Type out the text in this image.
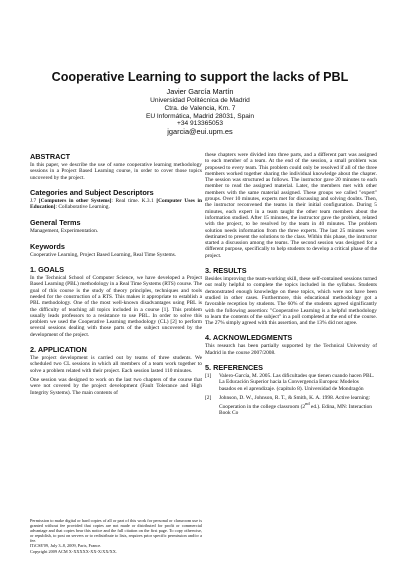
Cooperative Learning to support the lacks of PBL
Javier García Martín
Universidad Politécnica de Madrid
Ctra. de Valencia, Km. 7
EU Informática, Madrid 28031, Spain
+34 913365053
jgarcia@eui.upm.es
ABSTRACT

In this paper, we describe the use of some cooperative learning methodology sessions in a Project Based Learning course, in order to cover those topics uncovered by the project.

Categories and Subject Descriptors
J.7 [Computers in other Systems]: Real time. K.3.1 [Computer Uses in Education]: Collaborative Learning.
General Terms

Management, Experimentation.

Keywords

Cooperative Learning, Project Based Learning, Real Time Systems.

1. GOALS

In the Technical School of Computer Science, we have developed a Project Based Learning (PBL) methodology in a Real Time Systems (RTS) course. The goal of this course is the study of theory principles, techniques and tools needed for the construction of a RTS. This makes it appropriate to establish a PBL methodology. One of the most well-known disadvantages using PBL is the difficulty of teaching all topics included in a course [1]. This problem usually leads professors to a resistance to use PBL. In order to solve this problem we used the Cooperative Learning methodology (CL) [2] to perform several sessions dealing with those parts of the subject uncovered by the development of the project.

2. APPLICATION

The project development is carried out by teams of three students. We scheduled two CL sessions in which all members of a team work together to solve a problem related with their project. Each session lasted 110 minutes.

One session was designed to work on the last two chapters of the course that were not covered by the project development (Fault Tolerance and High Integrity Systems). The main contents of

Permission to make digital or hard copies of all or part of this work for personal or classroom use is granted without fee provided that copies are not made or distributed for profit or commercial advantage and that copies bear this notice and the full citation on the first page. To copy otherwise, or republish, to post on servers or to redistribute to lists, requires prior specific permission and/or a fee.

ITiCSE'09, July 3–8, 2009, Paris, France.

Copyright 2009 ACM X-XXXXX-XX-X/XX/XX.

these chapters were divided into three parts, and a different part was assigned to each member of a team. At the end of the session, a small problem was proposed to every team. This problem could only be resolved if all of the three members worked together sharing the individual knowledge about the chapter. The session was structured as follows. The instructor gave 20 minutes to each member to read the assigned material. Later, the members met with other members with the same material assigned. These groups we called "expert" groups. Over 10 minutes, experts met for discussing and solving doubts. Then, the instructor reconvened the teams in their initial configuration. During 5 minutes, each expert in a team taught the other team members about the information studied. After 15 minutes, the instructor gave the problem, related with the project, to be resolved by the team in 40 minutes. The problem solution needs information from the three experts. The last 25 minutes were destinated to present the solutions to the class. Within this phase, the instructor started a discussion among the teams. The second session was designed for a different purpose, specifically to help students to develop a critical phase of the project.

3. RESULTS

Besides improving the team-working skill, these self-contained sessions turned out really helpful to complete the topics included in the syllabus. Students demonstrated enough knowledge on these topics, which were not have been studied in other cases. Furthermore, this educational methodology got a favorable reception by students. The 60% of the students agreed significantly with the following assertion: "Cooperative Learning is a helpful methodology to learn the contents of the subject" in a poll completed at the end of the course. The 27% simply agreed with this assertion, and the 13% did not agree.

4. ACKNOWLEDGMENTS

This research has been partially supported by the Technical University of Madrid in the course 2007/2008.

5. REFERENCES
[1]	Valero-García, M. 2005. Las dificultades que tienen cuando hacen PBL. La Educación Superior hacia la Convergencia Europea: Modelos basados en el aprendizaje. (capítulo 8). Universidad de Mondragón
[2]	Johnson, D. W., Johnson, R. T., & Smith, K. A. 1998. Active learning: Cooperation in the college classroom (2nd ed.). Edina, MN: Interaction Book Co
